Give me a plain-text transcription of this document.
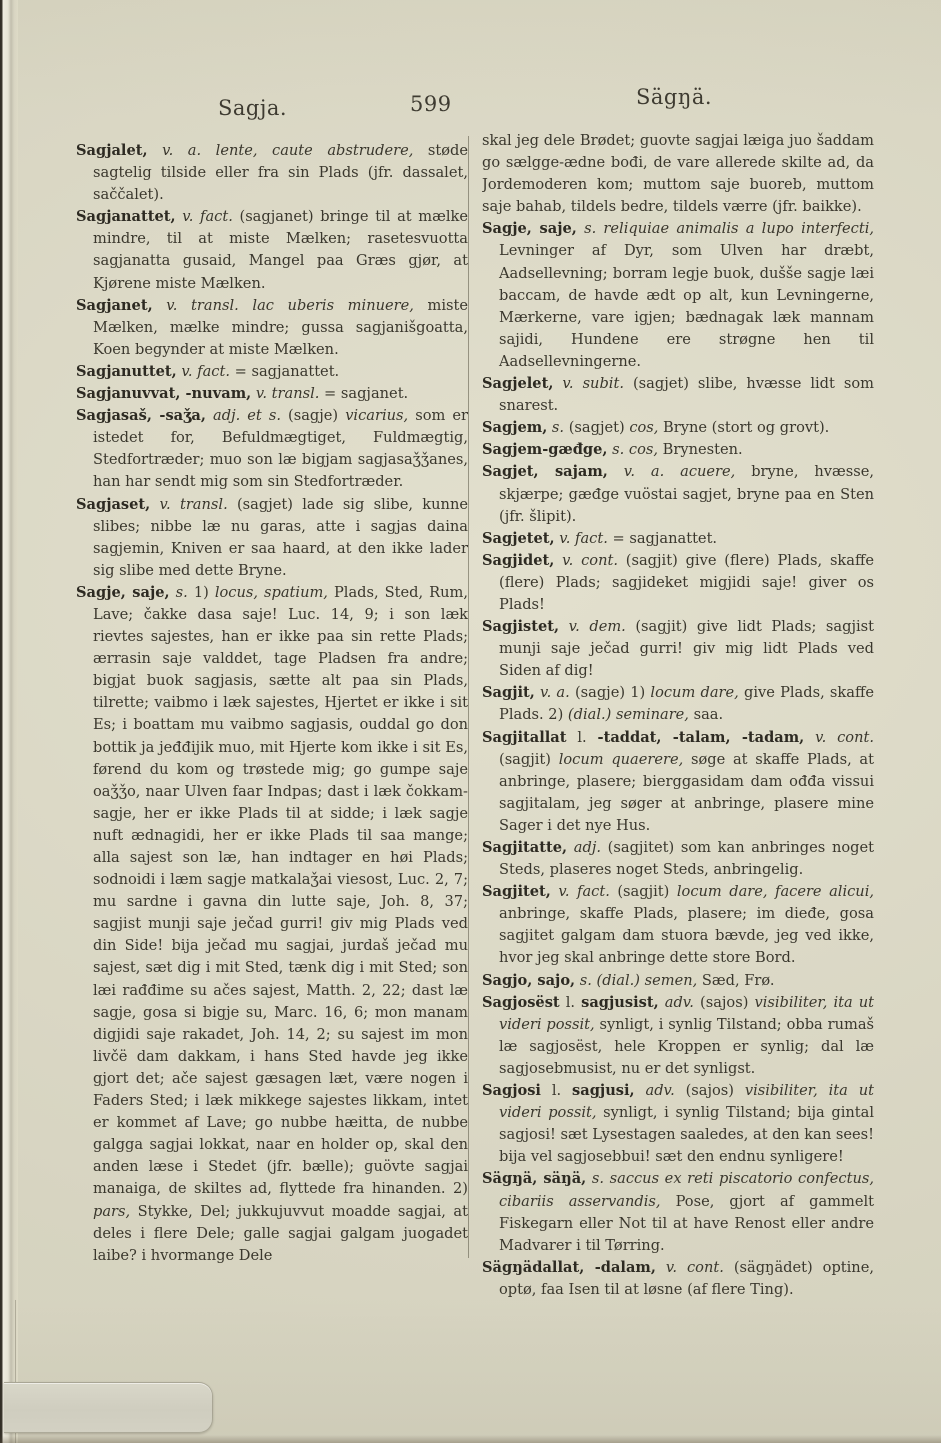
Sagja.	599	Sägŋä.

Sagjalet, v. a. lente, caute abstrudere, støde sagtelig tilside eller fra sin Plads (jfr. dassalet, saččalet).

Sagjanattet, v. fact. (sagjanet) bringe til at mælke mindre, til at miste Mælken; rasetesvuotta sagjanatta gusaid, Mangel paa Græs gjør, at Kjørene miste Mælken.

Sagjanet, v. transl. lac uberis minuere, miste Mælken, mælke mindre; gussa sagjanišgoatta, Koen begynder at miste Mælken.

Sagjanuttet, v. fact. = sagjanattet.

Sagjanuvvat, -nuvam, v. transl. = sagjanet.

Sagjasaš, -saǯa, adj. et s. (sagje) vicarius, som er istedet for, Befuldmægtiget, Fuldmægtig, Stedfortræder; muo son læ bigjam sagjasaǯǯanes, han har sendt mig som sin Stedfortræder.

Sagjaset, v. transl. (sagjet) lade sig slibe, kunne slibes; nibbe læ nu garas, atte i sagjas daina sagjemin, Kniven er saa haard, at den ikke lader sig slibe med dette Bryne.

Sagje, saje, s. 1) locus, spatium, Plads, Sted, Rum, Lave; čakke dasa saje! Luc. 14, 9; i son læk rievtes sajestes, han er ikke paa sin rette Plads; ærrasin saje valddet, tage Pladsen fra andre; bigjat buok sagjasis, sætte alt paa sin Plads, tilrette; vaibmo i læk sajestes, Hjertet er ikke i sit Es; i boattam mu vaibmo sagjasis, ouddal go don bottik ja jeđđijik muo, mit Hjerte kom ikke i sit Es, førend du kom og trøstede mig; go gumpe saje oaǯǯo, naar Ulven faar Indpas; dast i læk čokkam-sagje, her er ikke Plads til at sidde; i læk sagje nuft ædnagidi, her er ikke Plads til saa mange; alla sajest son læ, han indtager en høi Plads; sodnoidi i læm sagje matkalaǯai viesost, Luc. 2, 7; mu sardne i gavna din lutte saje, Joh. 8, 37; sagjist munji saje ječad gurri! giv mig Plads ved din Side! bija ječad mu sagjai, jurdaš ječad mu sajest, sæt dig i mit Sted, tænk dig i mit Sted; son læi rađđime su ačes sajest, Matth. 2, 22; dast læ sagje, gosa si bigje su, Marc. 16, 6; mon manam digjidi saje rakadet, Joh. 14, 2; su sajest im mon livčë dam dakkam, i hans Sted havde jeg ikke gjort det; ače sajest gæsagen læt, være nogen i Faders Sted; i læk mikkege sajestes likkam, intet er kommet af Lave; go nubbe hæitta, de nubbe galgga sagjai lokkat, naar en holder op, skal den anden læse i Stedet (jfr. bælle); guövte sagjai manaiga, de skiltes ad, flyttede fra hinanden. 2) pars, Stykke, Del; jukkujuvvut moadde sagjai, at deles i flere Dele; galle sagjai galgam juogadet laibe? i hvormange Dele

skal jeg dele Brødet; guovte sagjai læiga juo šaddam go sælgge-ædne bođi, de vare allerede skilte ad, da Jordemoderen kom; muttom saje buoreb, muttom saje bahab, tildels bedre, tildels værre (jfr. baikke).

Sagje, saje, s. reliquiae animalis a lupo interfecti, Levninger af Dyr, som Ulven har dræbt, Aadsellevning; borram legje buok, dušše sagje læi baccam, de havde ædt op alt, kun Levningerne, Mærkerne, vare igjen; bædnagak læk mannam sajidi, Hundene ere strøgne hen til Aadsellevningerne.

Sagjelet, v. subit. (sagjet) slibe, hvæsse lidt som snarest.

Sagjem, s. (sagjet) cos, Bryne (stort og grovt).

Sagjem-gæđge, s. cos, Brynesten.

Sagjet, sajam, v. a. acuere, bryne, hvæsse, skjærpe; gæđge vuöstai sagjet, bryne paa en Sten (jfr. šlipit).

Sagjetet, v. fact. = sagjanattet.

Sagjidet, v. cont. (sagjit) give (flere) Plads, skaffe (flere) Plads; sagjideket migjidi saje! giver os Plads!

Sagjistet, v. dem. (sagjit) give lidt Plads; sagjist munji saje ječad gurri! giv mig lidt Plads ved Siden af dig!

Sagjit, v. a. (sagje) 1) locum dare, give Plads, skaffe Plads. 2) (dial.) seminare, saa.

Sagjitallat l. -taddat, -talam, -tadam, v. cont. (sagjit) locum quaerere, søge at skaffe Plads, at anbringe, plasere; bierggasidam dam ođđa vissui sagjitalam, jeg søger at anbringe, plasere mine Sager i det nye Hus.

Sagjitatte, adj. (sagjitet) som kan anbringes noget Steds, plaseres noget Steds, anbringelig.

Sagjitet, v. fact. (sagjit) locum dare, facere alicui, anbringe, skaffe Plads, plasere; im dieđe, gosa sagjitet galgam dam stuora bævde, jeg ved ikke, hvor jeg skal anbringe dette store Bord.

Sagjo, sajo, s. (dial.) semen, Sæd, Frø.

Sagjosëst l. sagjusist, adv. (sajos) visibiliter, ita ut videri possit, synligt, i synlig Tilstand; obba rumaš læ sagjosëst, hele Kroppen er synlig; dal læ sagjosebmusist, nu er det synligst.

Sagjosi l. sagjusi, adv. (sajos) visibiliter, ita ut videri possit, synligt, i synlig Tilstand; bija gintal sagjosi! sæt Lysestagen saaledes, at den kan sees! bija vel sagjosebbui! sæt den endnu synligere!

Sägŋä, säŋä, s. saccus ex reti piscatorio confectus, cibariis asservandis, Pose, gjort af gammelt Fiskegarn eller Not til at have Renost eller andre Madvarer i til Tørring.

Sägŋädallat, -dalam, v. cont. (sägŋädet) optine, optø, faa Isen til at løsne (af flere Ting).
